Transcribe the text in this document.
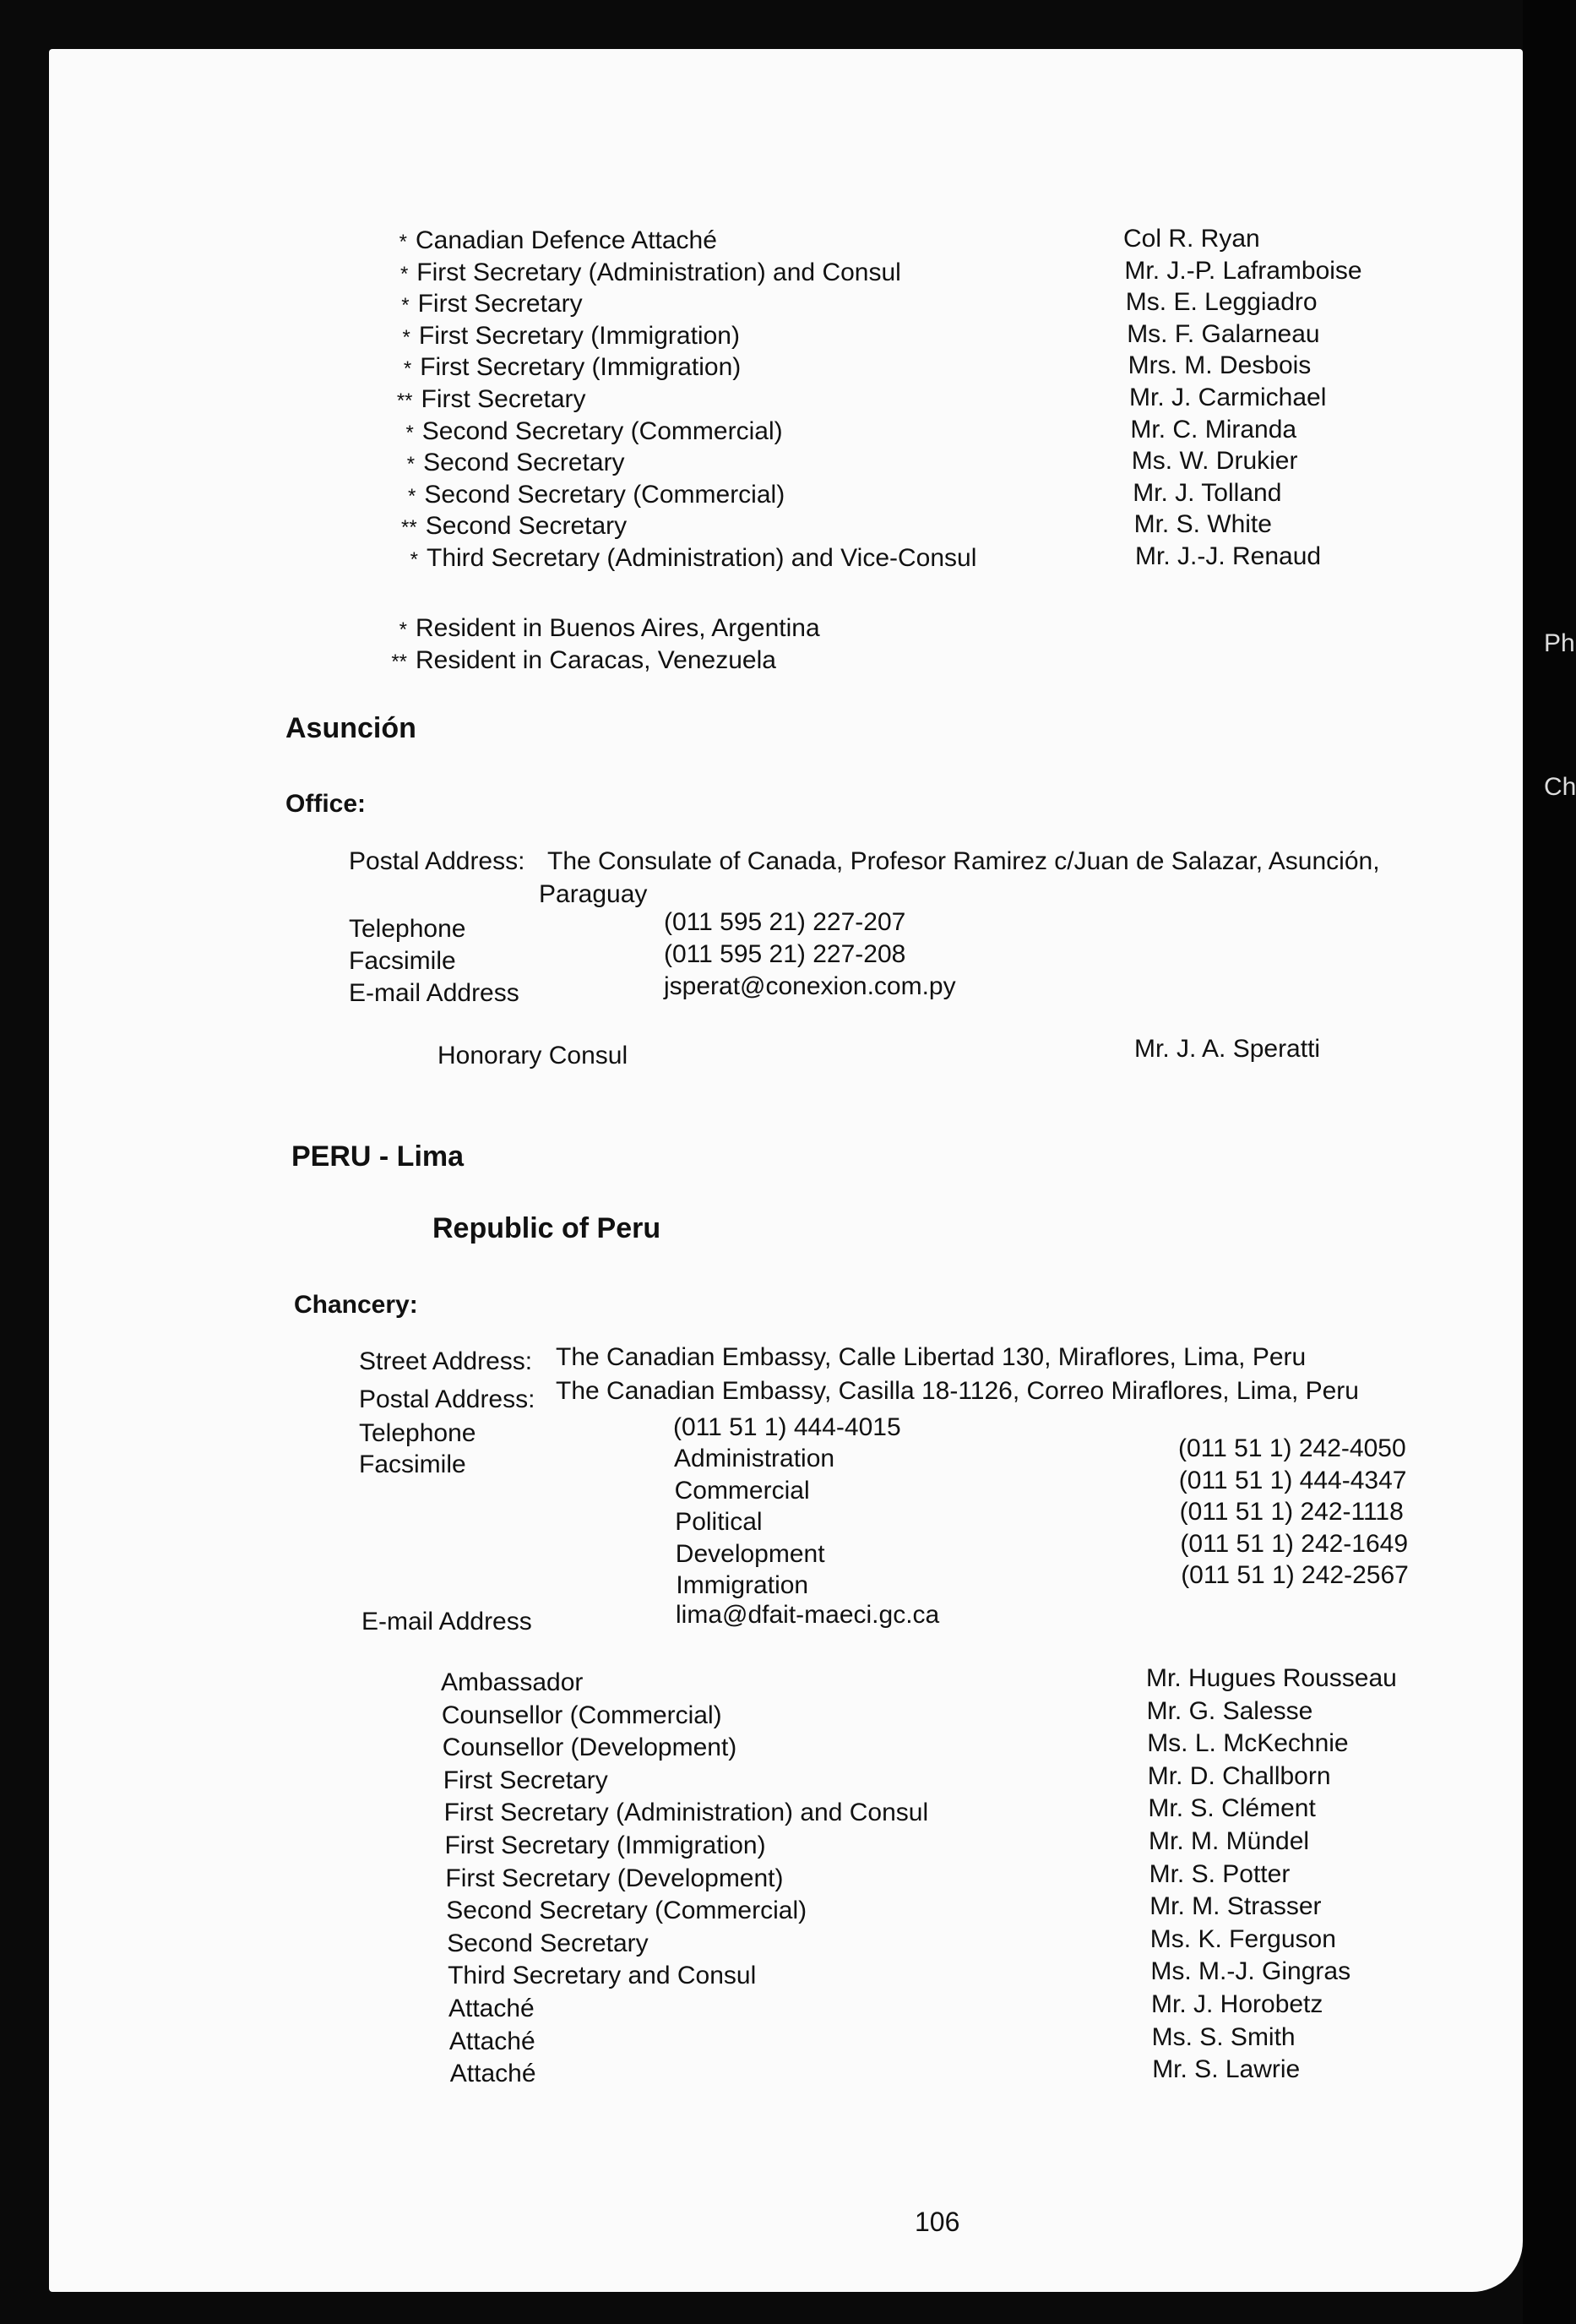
Ph
Ch
* Canadian Defence Attaché	Col R. Ryan
* First Secretary (Administration) and Consul	Mr. J.-P. Laframboise
* First Secretary	Ms. E. Leggiadro
* First Secretary (Immigration)	Ms. F. Galarneau
* First Secretary (Immigration)	Mrs. M. Desbois
** First Secretary	Mr. J. Carmichael
* Second Secretary (Commercial)	Mr. C. Miranda
* Second Secretary	Ms. W. Drukier
* Second Secretary (Commercial)	Mr. J. Tolland
** Second Secretary	Mr. S. White
* Third Secretary (Administration) and Vice-Consul	Mr. J.-J. Renaud
* Resident in Buenos Aires, Argentina
** Resident in Caracas, Venezuela
Asunción
Office:
Postal Address: The Consulate of Canada, Profesor Ramirez c/Juan de Salazar, Asunción,
Paraguay
Telephone	(011 595 21) 227-207
Facsimile	(011 595 21) 227-208
E-mail Address	jsperat@conexion.com.py
Honorary Consul	Mr. J. A. Speratti
PERU - Lima
Republic of Peru
Chancery:
Street Address: The Canadian Embassy, Calle Libertad 130, Miraflores, Lima, Peru
Postal Address: The Canadian Embassy, Casilla 18-1126, Correo Miraflores, Lima, Peru
Telephone	(011 51 1) 444-4015
Facsimile	Administration	(011 51 1) 242-4050
Commercial	(011 51 1) 444-4347
Political	(011 51 1) 242-1118
Development	(011 51 1) 242-1649
Immigration	(011 51 1) 242-2567
E-mail Address	lima@dfait-maeci.gc.ca
Ambassador	Mr. Hugues Rousseau
Counsellor (Commercial)	Mr. G. Salesse
Counsellor (Development)	Ms. L. McKechnie
First Secretary	Mr. D. Challborn
First Secretary (Administration) and Consul	Mr. S. Clément
First Secretary (Immigration)	Mr. M. Mündel
First Secretary (Development)	Mr. S. Potter
Second Secretary (Commercial)	Mr. M. Strasser
Second Secretary	Ms. K. Ferguson
Third Secretary and Consul	Ms. M.-J. Gingras
Attaché	Mr. J. Horobetz
Attaché	Ms. S. Smith
Attaché	Mr. S. Lawrie
106
